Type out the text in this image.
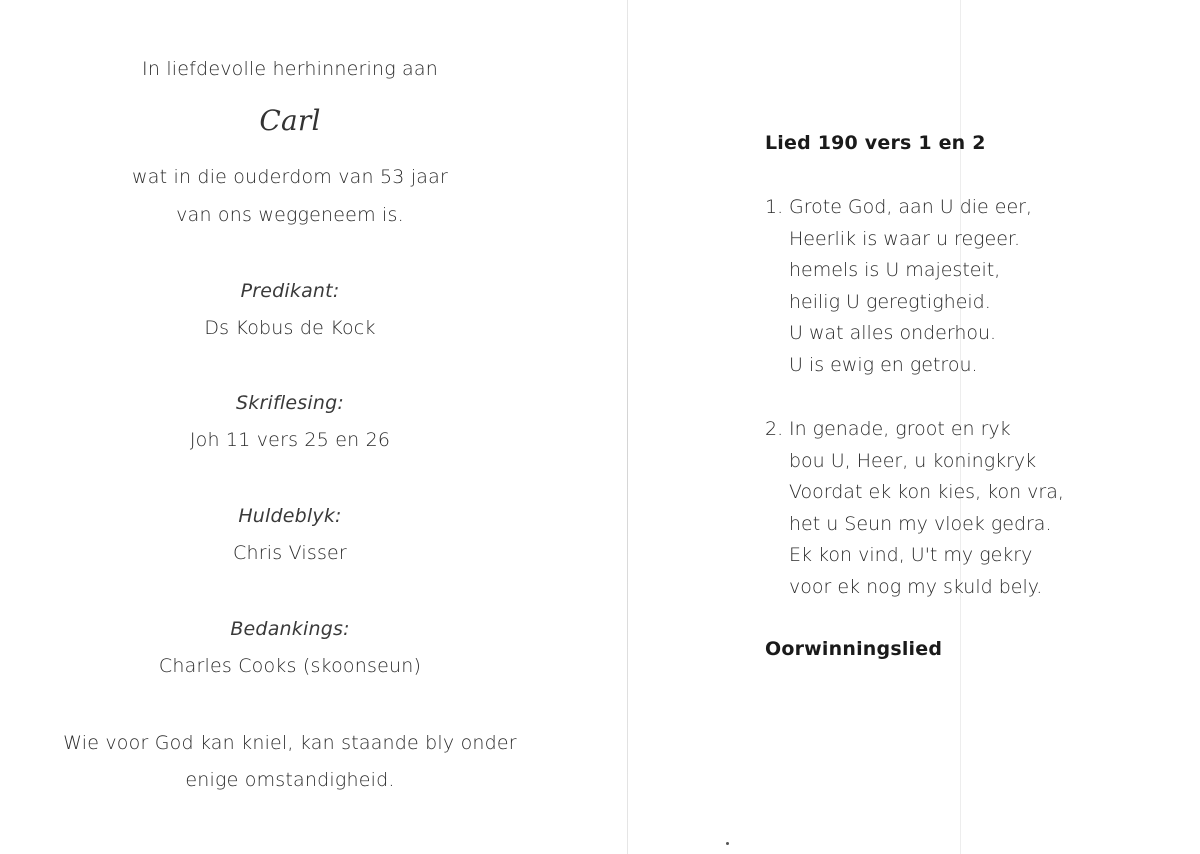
In liefdevolle herhinnering aan
Carl
wat in die ouderdom van 53 jaar
van ons weggeneem is.
Predikant:
Ds Kobus de Kock
Skriflesing:
Joh 11 vers 25 en 26
Huldeblyk:
Chris Visser
Bedankings:
Charles Cooks (skoonseun)
Wie voor God kan kniel, kan staande bly onder
enige omstandigheid.
Lied 190 vers 1 en 2
1. Grote God, aan U die eer,
Heerlik is waar u regeer.
hemels is U majesteit,
heilig U geregtigheid.
U wat alles onderhou.
U is ewig en getrou.
2. In genade, groot en ryk
bou U, Heer, u koningkryk
Voordat ek kon kies, kon vra,
het u Seun my vloek gedra.
Ek kon vind, U't my gekry
voor ek nog my skuld bely.
Oorwinningslied
